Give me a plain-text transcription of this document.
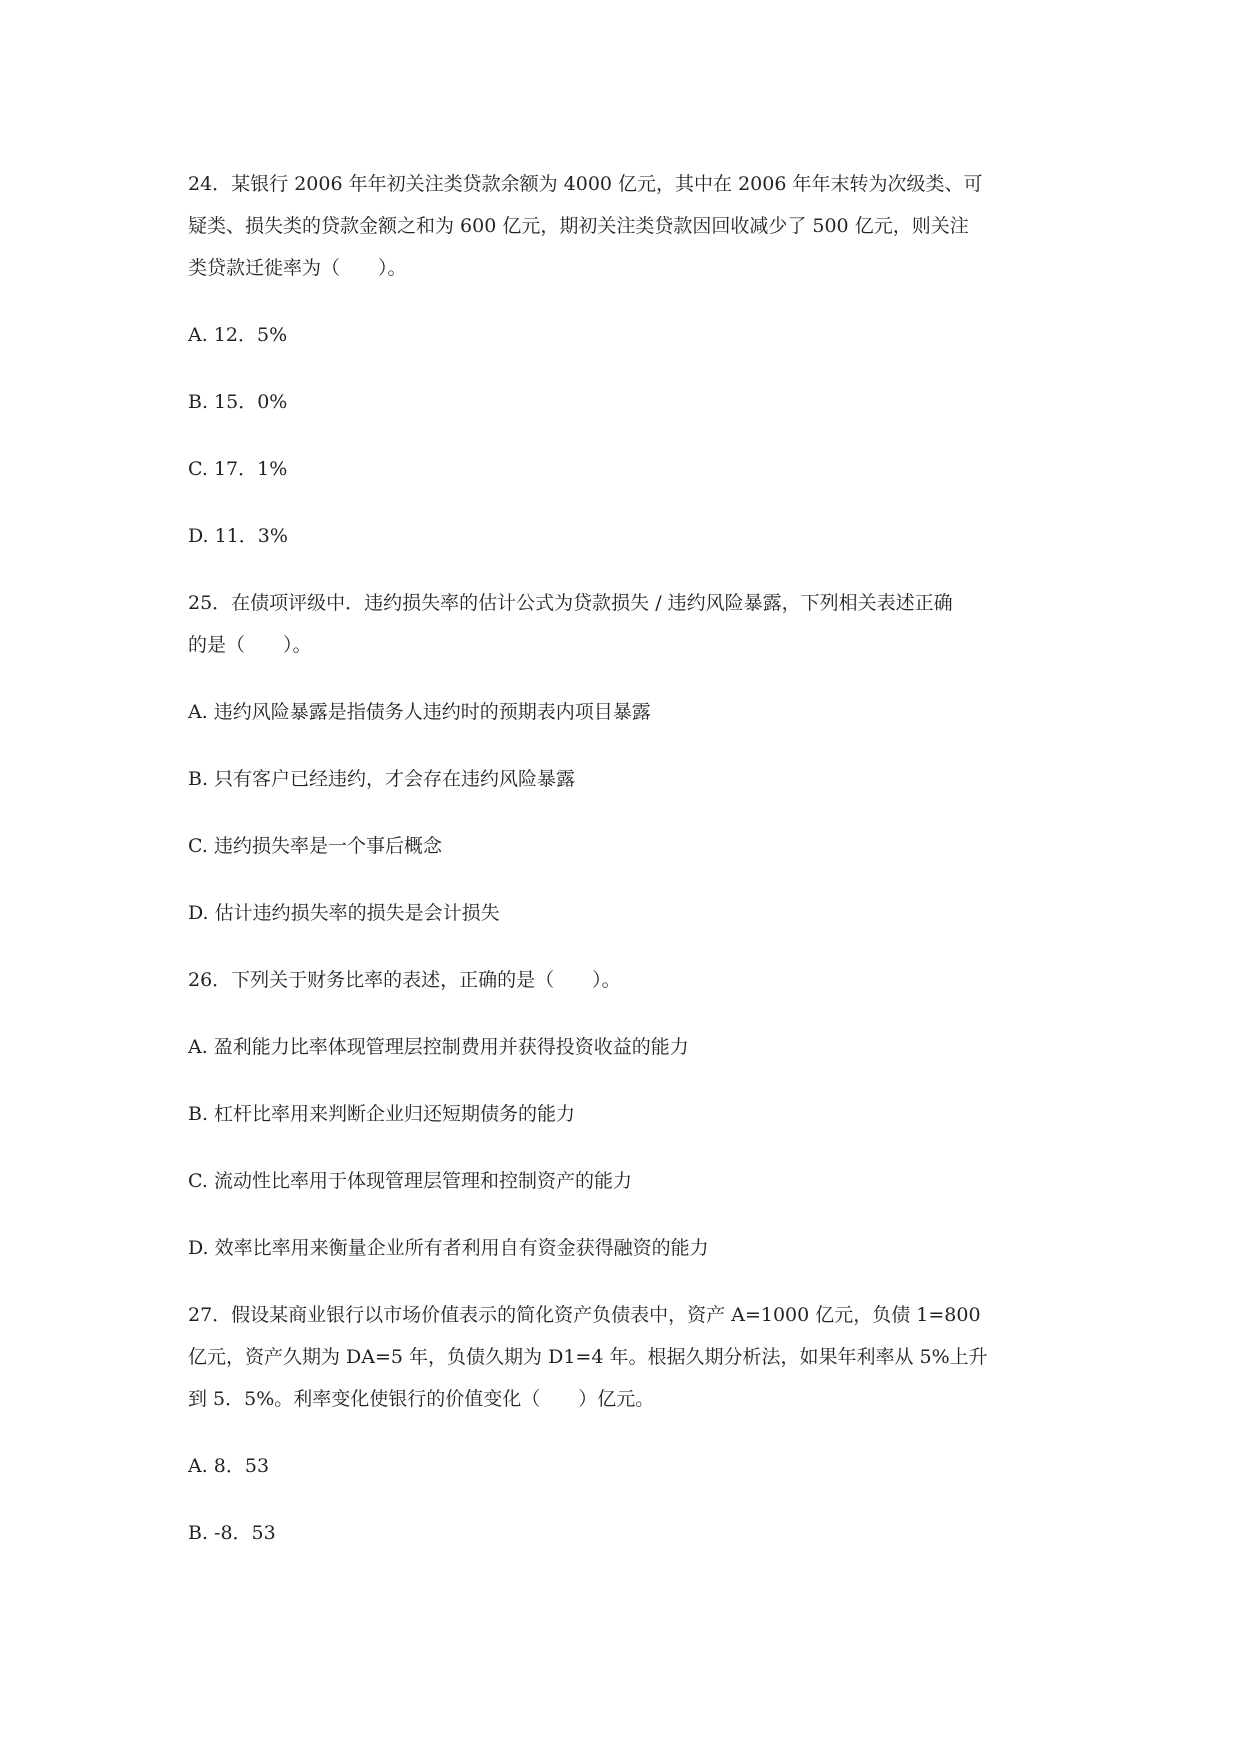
24．某银行 2006 年年初关注类贷款余额为 4000 亿元，其中在 2006 年年末转为次级类、可

疑类、损失类的贷款金额之和为 600 亿元，期初关注类贷款因回收减少了 500 亿元，则关注

类贷款迁徙率为（　　）。

A. 12．5%

B. 15．0%

C. 17．1%

D. 11．3%

25．在债项评级中．违约损失率的估计公式为贷款损失 / 违约风险暴露，下列相关表述正确

的是（　　）。

A. 违约风险暴露是指债务人违约时的预期表内项目暴露

B. 只有客户已经违约，才会存在违约风险暴露

C. 违约损失率是一个事后概念

D. 估计违约损失率的损失是会计损失

26．下列关于财务比率的表述，正确的是（　　）。

A. 盈利能力比率体现管理层控制费用并获得投资收益的能力

B. 杠杆比率用来判断企业归还短期债务的能力

C. 流动性比率用于体现管理层管理和控制资产的能力

D. 效率比率用来衡量企业所有者利用自有资金获得融资的能力

27．假设某商业银行以市场价值表示的简化资产负债表中，资产 A=1000 亿元，负债 1=800

亿元，资产久期为 DA=5 年，负债久期为 D1=4 年。根据久期分析法，如果年利率从 5%上升

到 5．5%。利率变化使银行的价值变化（　　）亿元。

A. 8．53

B. -8．53
